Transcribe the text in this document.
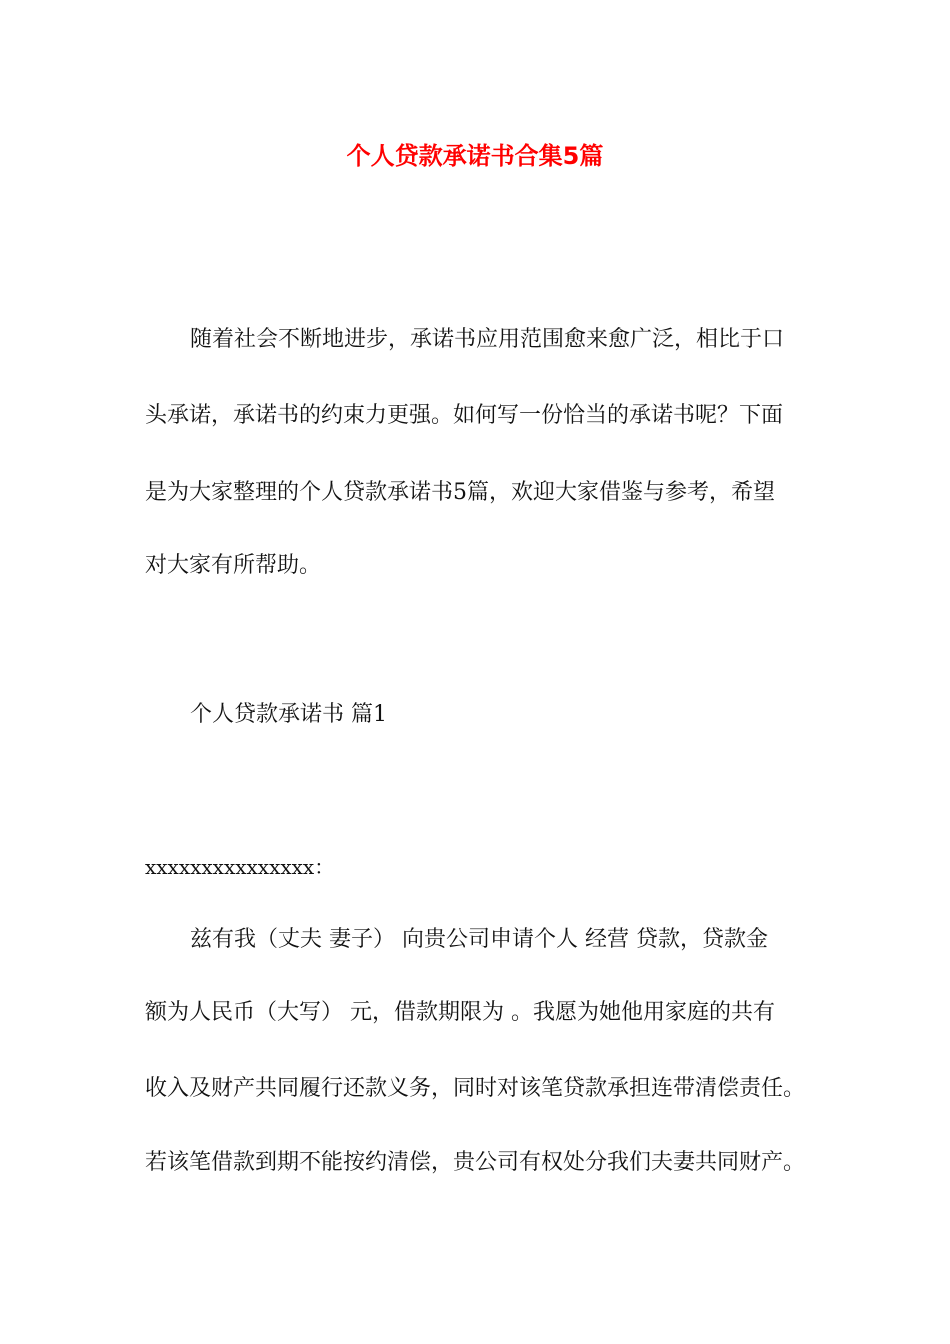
个人贷款承诺书合集5篇
随着社会不断地进步，承诺书应用范围愈来愈广泛，相比于口
头承诺，承诺书的约束力更强。如何写一份恰当的承诺书呢？下面
是为大家整理的个人贷款承诺书5篇，欢迎大家借鉴与参考，希望
对大家有所帮助。
个人贷款承诺书 篇1
xxxxxxxxxxxxxxx：
兹有我（丈夫 妻子） 向贵公司申请个人 经营 贷款，贷款金
额为人民币（大写） 元，借款期限为 。我愿为她他用家庭的共有
收入及财产共同履行还款义务，同时对该笔贷款承担连带清偿责任。
若该笔借款到期不能按约清偿，贵公司有权处分我们夫妻共同财产。
